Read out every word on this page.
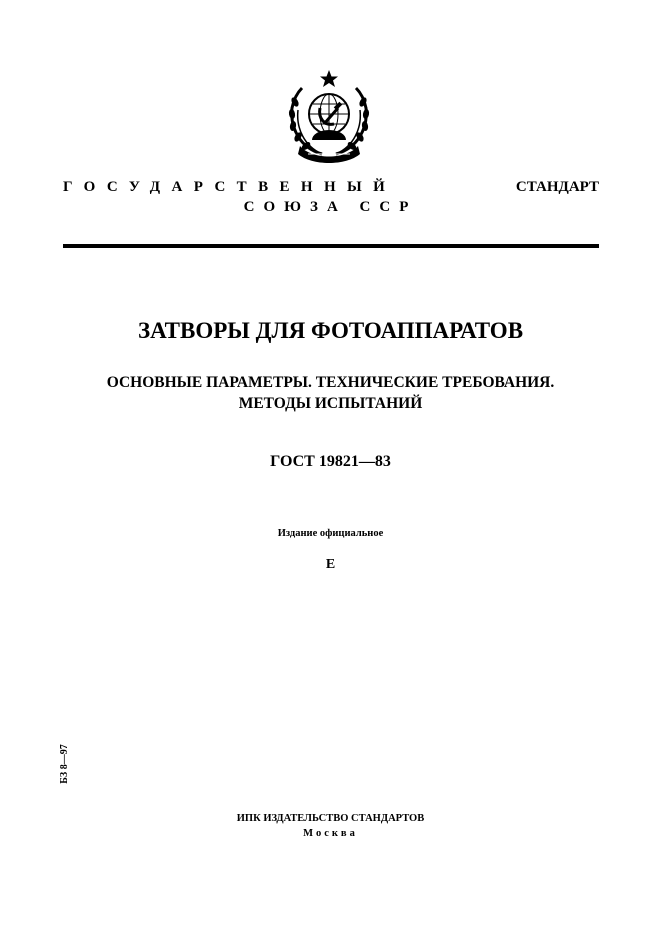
ГОСУДАРСТВЕННЫЙ	СТАНДАРТ
СОЮЗА ССР
ЗАТВОРЫ ДЛЯ ФОТОАППАРАТОВ
ОСНОВНЫЕ ПАРАМЕТРЫ. ТЕХНИЧЕСКИЕ ТРЕБОВАНИЯ.
МЕТОДЫ ИСПЫТАНИЙ
ГОСТ 19821—83
Издание официальное
Е
БЗ 8—97
ИПК ИЗДАТЕЛЬСТВО СТАНДАРТОВ
Москва
